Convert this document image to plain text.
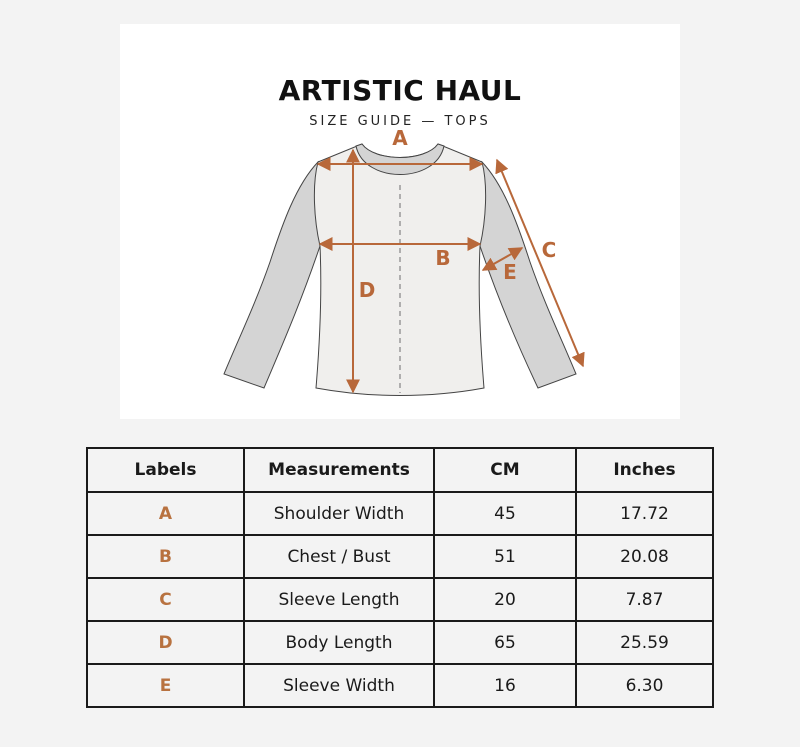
A
B	C
D
E
ARTISTIC HAUL
SIZE GUIDE — TOPS
Labels	Measurements	CM	Inches
A	Shoulder Width	45	17.72
B	Chest / Bust	51	20.08
C	Sleeve Length	20	7.87
D	Body Length	65	25.59
E	Sleeve Width	16	6.30
